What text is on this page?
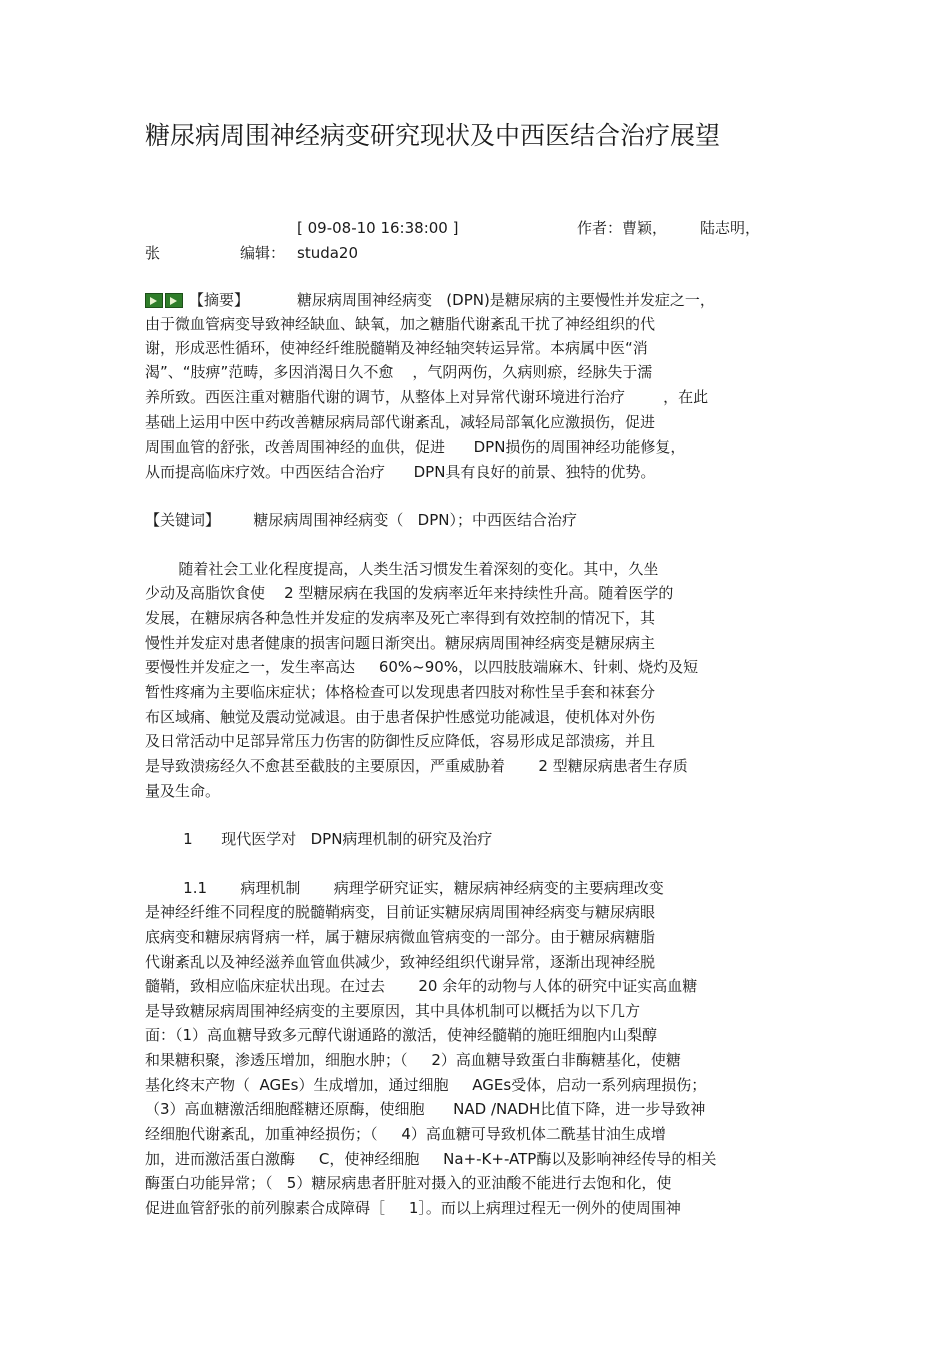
糖尿病周围神经病变研究现状及中西医结合治疗展望
[ 09-08-10 16:38:00 ]	作者：曹颖， 陆志明，
张	编辑： studa20
【摘要】	糖尿病周围神经病变   (DPN)是糖尿病的主要慢性并发症之一，
由于微血管病变导致神经缺血、缺氧，加之糖脂代谢紊乱干扰了神经组织的代
谢，形成恶性循环，使神经纤维脱髓鞘及神经轴突转运异常。本病属中医“消
渴”、“肢痹”范畴，多因消渴日久不愈    ，气阴两伤，久病则瘀，经脉失于濡
养所致。西医注重对糖脂代谢的调节，从整体上对异常代谢环境进行治疗        ，在此
基础上运用中医中药改善糖尿病局部代谢紊乱，减轻局部氧化应激损伤，促进
周围血管的舒张，改善周围神经的血供，促进      DPN损伤的周围神经功能修复，
从而提高临床疗效。中西医结合治疗      DPN具有良好的前景、独特的优势。
【关键词】       糖尿病周围神经病变（   DPN）；中西医结合治疗
随着社会工业化程度提高，人类生活习惯发生着深刻的变化。其中，久坐
少动及高脂饮食使    2 型糖尿病在我国的发病率近年来持续性升高。随着医学的
发展，在糖尿病各种急性并发症的发病率及死亡率得到有效控制的情况下，其
慢性并发症对患者健康的损害问题日渐突出。糖尿病周围神经病变是糖尿病主
要慢性并发症之一，发生率高达     60%~90%，以四肢肢端麻木、针刺、烧灼及短
暂性疼痛为主要临床症状；体格检查可以发现患者四肢对称性呈手套和袜套分
布区域痛、触觉及震动觉减退。由于患者保护性感觉功能减退，使机体对外伤
及日常活动中足部异常压力伤害的防御性反应降低，容易形成足部溃疡，并且
是导致溃疡经久不愈甚至截肢的主要原因，严重威胁着       2 型糖尿病患者生存质
量及生命。
1      现代医学对   DPN病理机制的研究及治疗
1.1       病理机制       病理学研究证实，糖尿病神经病变的主要病理改变
是神经纤维不同程度的脱髓鞘病变，目前证实糖尿病周围神经病变与糖尿病眼
底病变和糖尿病肾病一样，属于糖尿病微血管病变的一部分。由于糖尿病糖脂
代谢紊乱以及神经滋养血管血供减少，致神经组织代谢异常，逐渐出现神经脱
髓鞘，致相应临床症状出现。在过去       20 余年的动物与人体的研究中证实高血糖
是导致糖尿病周围神经病变的主要原因，其中具体机制可以概括为以下几方
面：（1）高血糖导致多元醇代谢通路的激活，使神经髓鞘的施旺细胞内山梨醇
和果糖积聚，渗透压增加，细胞水肿；（     2）高血糖导致蛋白非酶糖基化，使糖
基化终末产物（  AGEs）生成增加，通过细胞     AGEs受体，启动一系列病理损伤；
（3）高血糖激活细胞醛糖还原酶，使细胞      NAD /NADH比值下降，进一步导致神
经细胞代谢紊乱，加重神经损伤；（     4）高血糖可导致机体二酰基甘油生成增
加，进而激活蛋白激酶     C，使神经细胞     Na+-K+-ATP酶以及影响神经传导的相关
酶蛋白功能异常；（   5）糖尿病患者肝脏对摄入的亚油酸不能进行去饱和化，使
促进血管舒张的前列腺素合成障碍［     1］。而以上病理过程无一例外的使周围神
